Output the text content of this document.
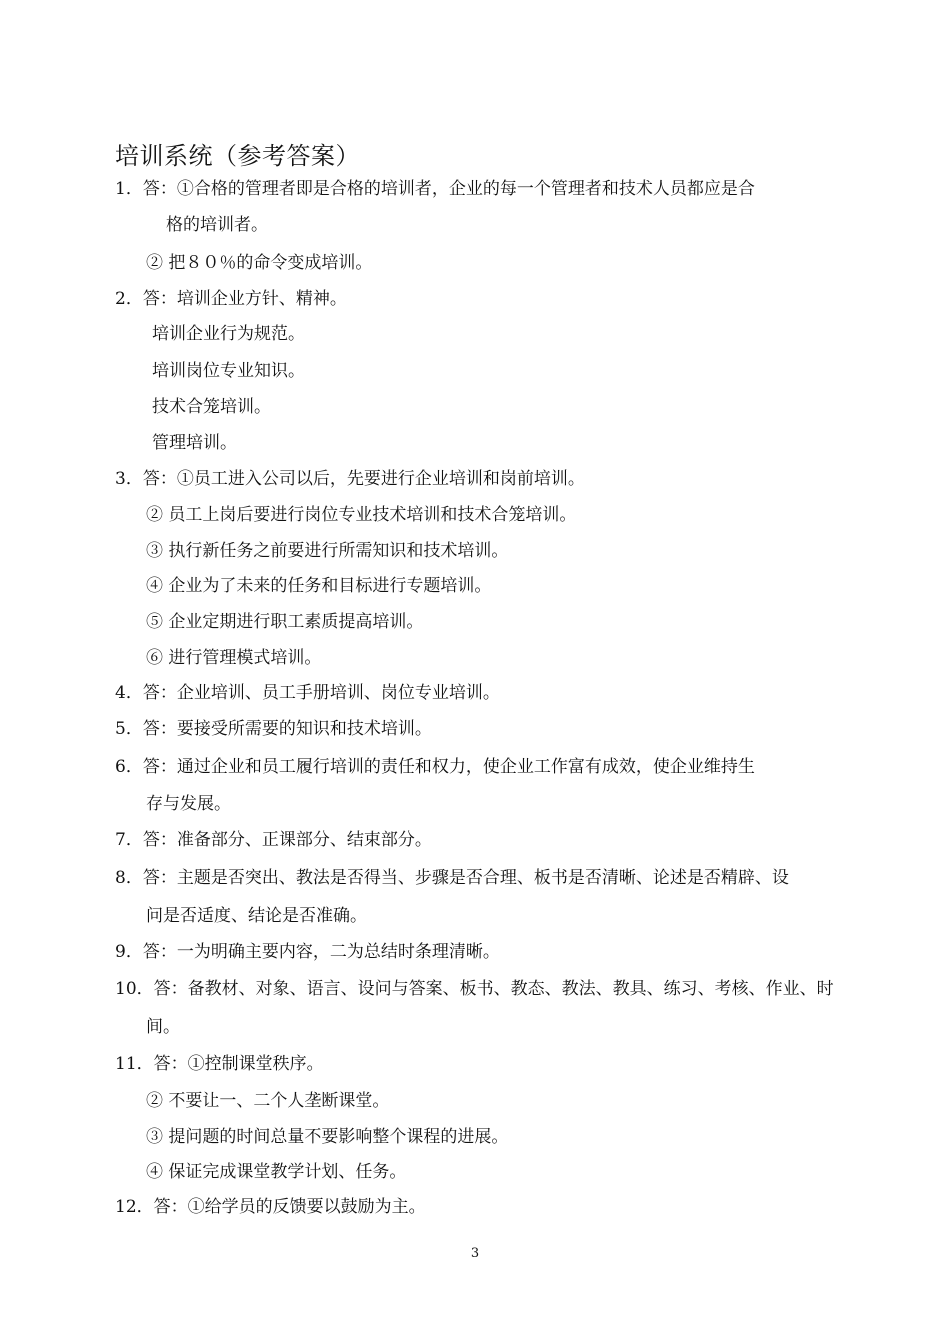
培训系统（参考答案）
1．答：①合格的管理者即是合格的培训者，企业的每一个管理者和技术人员都应是合
格的培训者。
② 把８０％的命令变成培训。
2．答：培训企业方针、精神。
培训企业行为规范。
培训岗位专业知识。
技术合笼培训。
管理培训。
3．答：①员工进入公司以后，先要进行企业培训和岗前培训。
② 员工上岗后要进行岗位专业技术培训和技术合笼培训。
③ 执行新任务之前要进行所需知识和技术培训。
④ 企业为了未来的任务和目标进行专题培训。
⑤ 企业定期进行职工素质提高培训。
⑥ 进行管理模式培训。
4．答：企业培训、员工手册培训、岗位专业培训。
5．答：要接受所需要的知识和技术培训。
6．答：通过企业和员工履行培训的责任和权力，使企业工作富有成效，使企业维持生
存与发展。
7．答：准备部分、正课部分、结束部分。
8．答：主题是否突出、教法是否得当、步骤是否合理、板书是否清晰、论述是否精辟、设
问是否适度、结论是否准确。
9．答：一为明确主要内容，二为总结时条理清晰。
10．答：备教材、对象、语言、设问与答案、板书、教态、教法、教具、练习、考核、作业、时
间。
11．答：①控制课堂秩序。
② 不要让一、二个人垄断课堂。
③ 提问题的时间总量不要影响整个课程的进展。
④ 保证完成课堂教学计划、任务。
12．答：①给学员的反馈要以鼓励为主。
3
